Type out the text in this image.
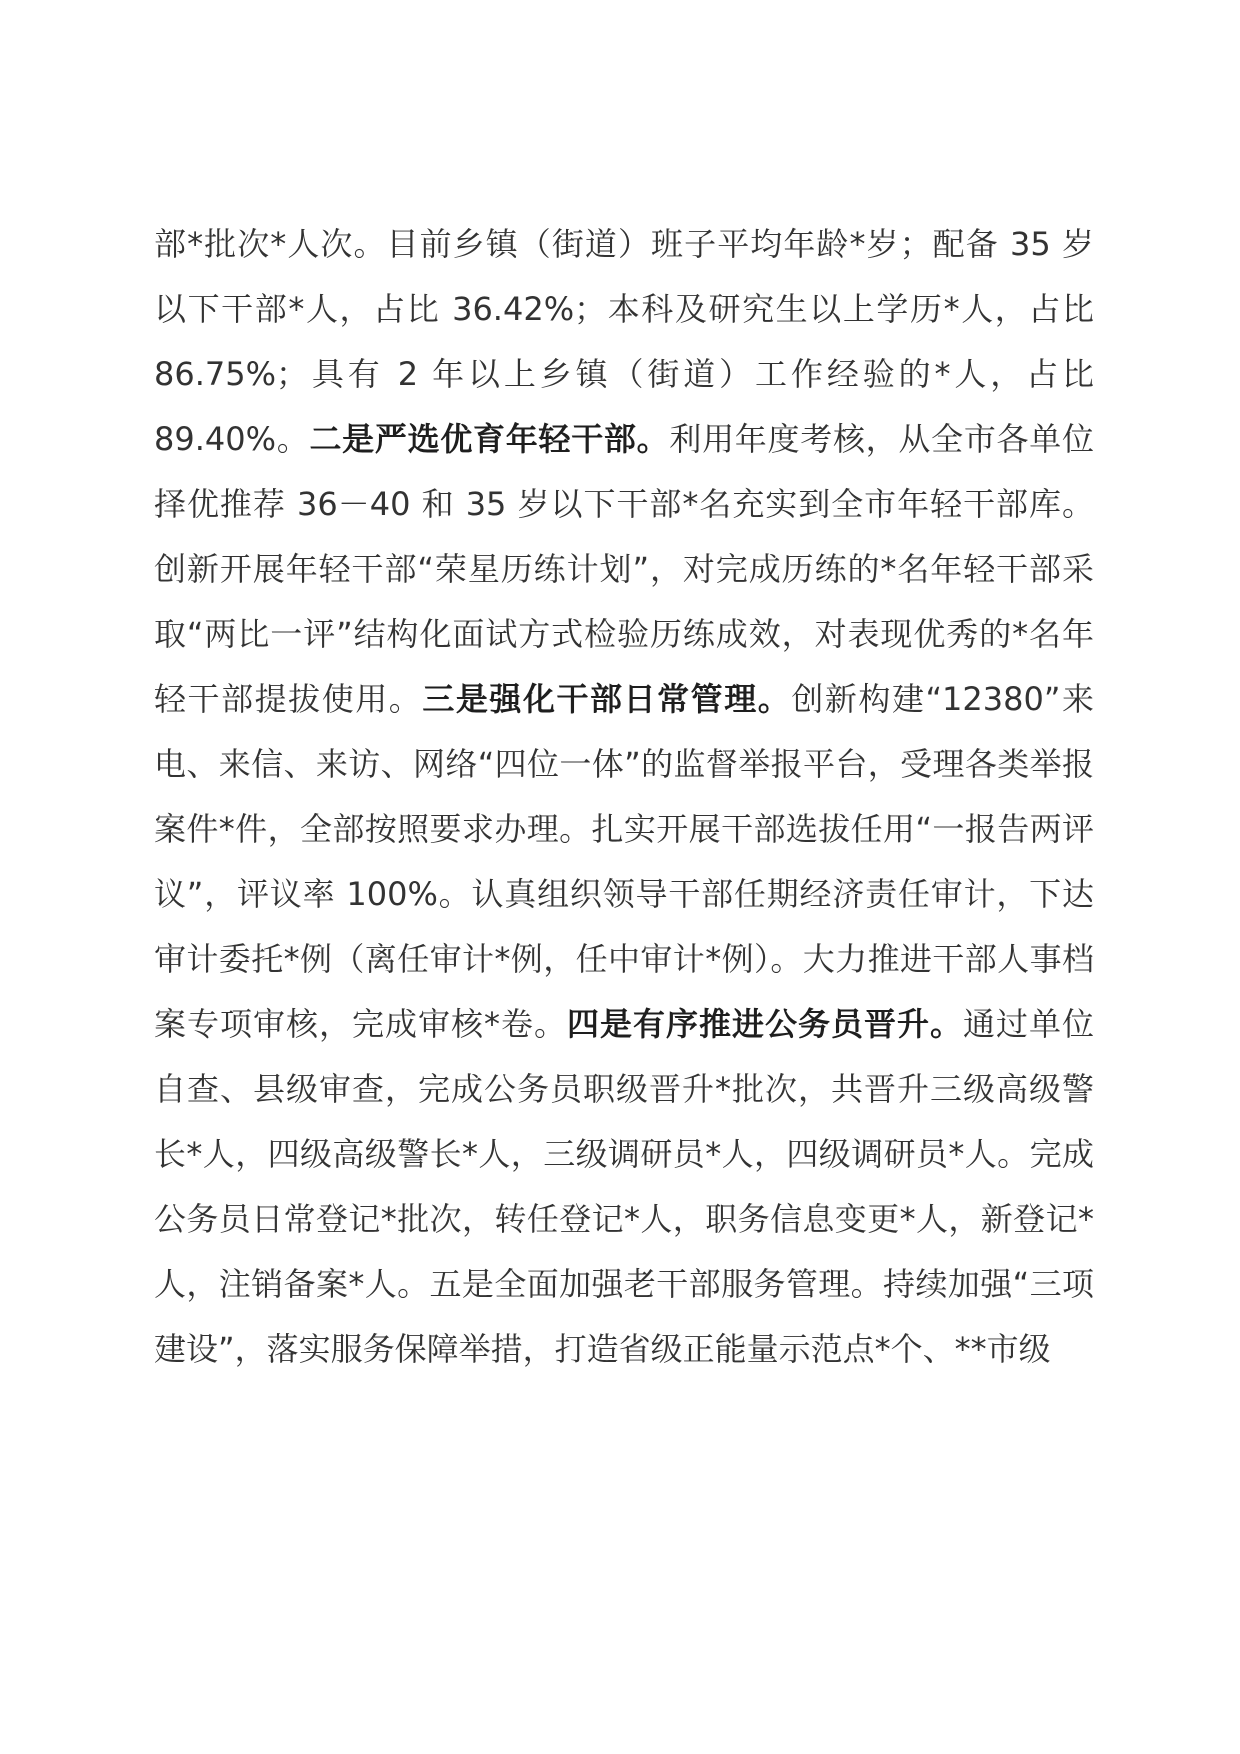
部*批次*人次。目前乡镇（街道）班子平均年龄*岁；配备 35 岁以下干部*人，占比 36.42%；本科及研究生以上学历*人，占比 86.75%；具有 2 年以上乡镇（街道）工作经验的*人，占比 89.40%。二是严选优育年轻干部。利用年度考核，从全市各单位择优推荐 36－40 和 35 岁以下干部*名充实到全市年轻干部库。创新开展年轻干部“荣星历练计划”，对完成历练的*名年轻干部采取“两比一评”结构化面试方式检验历练成效，对表现优秀的*名年轻干部提拔使用。三是强化干部日常管理。创新构建“12380”来电、来信、来访、网络“四位一体”的监督举报平台，受理各类举报案件*件，全部按照要求办理。扎实开展干部选拔任用“一报告两评议”，评议率 100%。认真组织领导干部任期经济责任审计，下达审计委托*例（离任审计*例，任中审计*例）。大力推进干部人事档案专项审核，完成审核*卷。四是有序推进公务员晋升。通过单位自查、县级审查，完成公务员职级晋升*批次，共晋升三级高级警长*人，四级高级警长*人，三级调研员*人，四级调研员*人。完成公务员日常登记*批次，转任登记*人，职务信息变更*人，新登记*人，注销备案*人。五是全面加强老干部服务管理。持续加强“三项建设”，落实服务保障举措，打造省级正能量示范点*个、**市级
